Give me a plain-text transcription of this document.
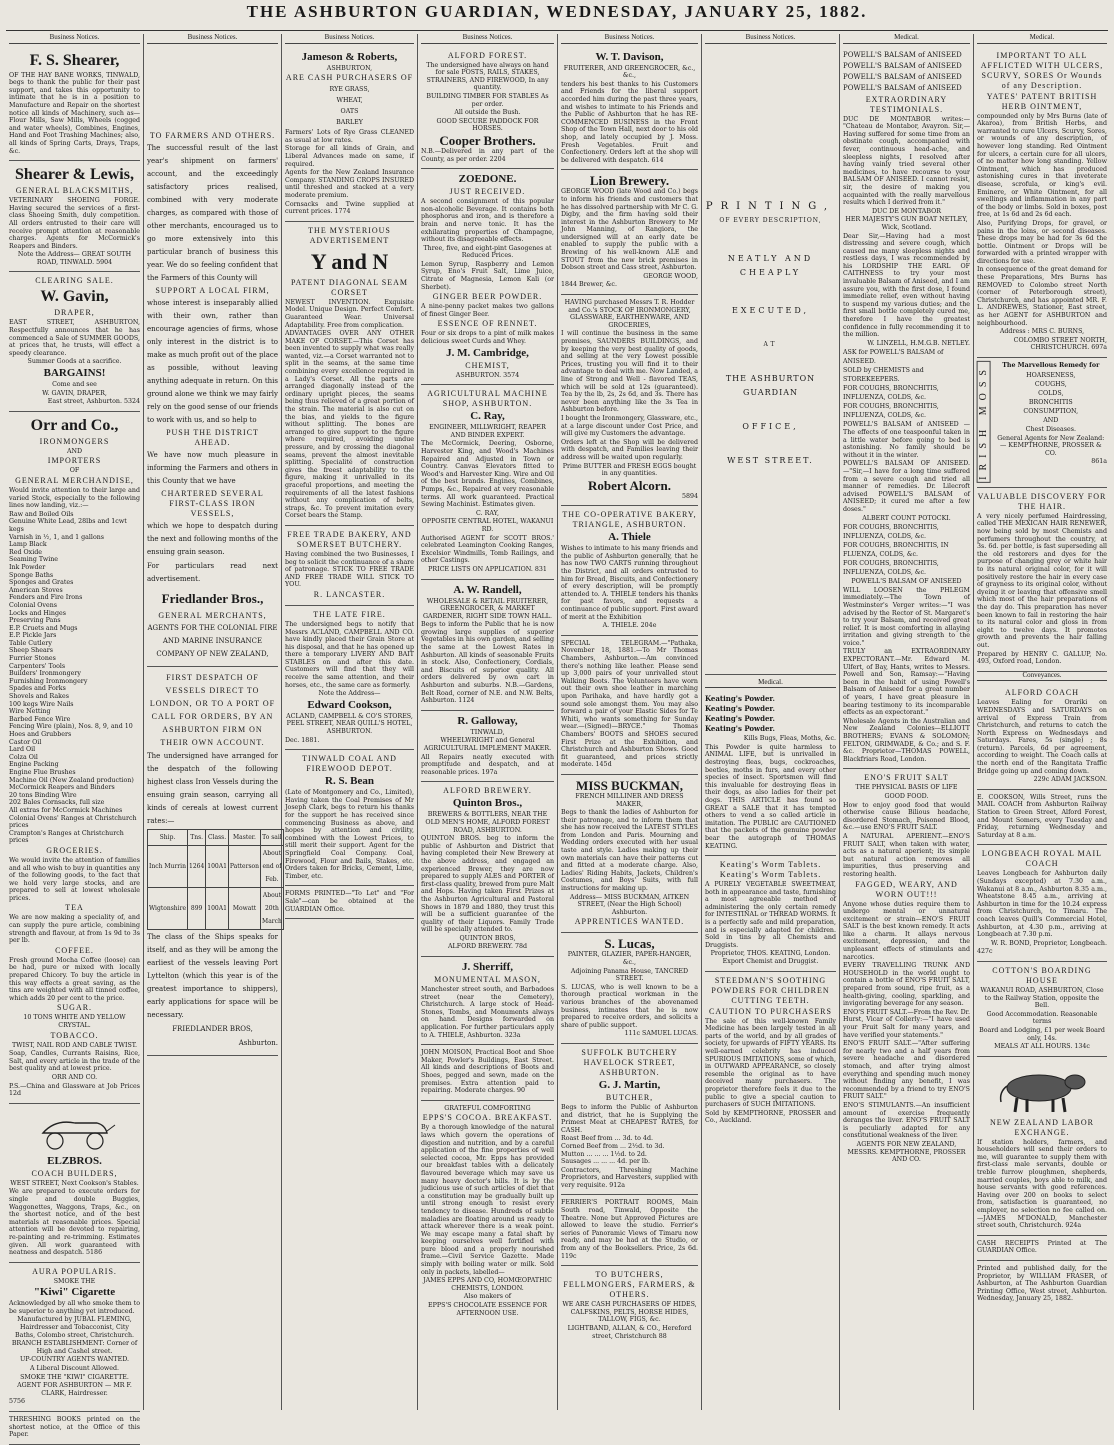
THE ASHBURTON GUARDIAN, WEDNESDAY, JANUARY 25, 1882.
Business Notices.
F. S. Shearer,

OF THE HAY BANE WORKS, TINWALD, begs to thank the public for their past support, and takes this opportunity to intimate that he is in a position to Manufacture and Repair on the shortest notice all kinds of Machinery, such as—Flour Mills, Saw Mills, Wheels (cogged and water wheels), Combines, Engines, Hand and Foot Trashing Machines; also, all kinds of Spring Carts, Drays, Traps, &c.

Shearer & Lewis,
GENERAL BLACKSMITHS,

VETERINARY SHOEING FORGE. Having secured the services of a first-class Shoeing Smith, duly competition. All orders entrusted to their care will receive prompt attention at reasonable charges. Agents for McCormick's Reapers and Binders.

Note the Address— GREAT SOUTH ROAD, TINWALD. 5904

CLEARING SALE.
W. Gavin,
DRAPER,

EAST STREET, ASHBURTON, Respectfully announces that he has commenced a Sale of SUMMER GOODS, at prices that, he trusts, will effect a speedy clearance.

Summer Goods at a sacrifice.

BARGAINS!

Come and see

W. GAVIN, DRAPER,

East street, Ashburton. 5324

Orr and Co.,
IRONMONGERS

AND

IMPORTERS

OF

GENERAL MERCHANDISE,

Would invite attention to their large and varied Stock, especially to the following lines now landing, viz.:—

Raw and Boiled Oils
Genuine White Lead, 28lbs and 1cwt kegs
Varnish in ½, 1, and 1 gallons
Lamp Black
Red Oxide
Seaming Twine
Ink Powder
Sponge Baths
Sponges and Grates
American Stoves
Fenders and Fire Irons
Colonial Ovens
Locks and Hinges
Preserving Pans
E.P. Cruets and Mugs
E.P. Pickle Jars
Table Cutlery
Sheep Shears
Furrier Stones
Carpenters' Tools
Builders' Ironmongery
Furnishing Ironmongery
Spades and Forks
Shovels and Rakes
100 kegs Wire Nails
Wire Netting
Barbed Fence Wire
Fencing Wire (plain), Nos. 8, 9, and 10
Hoes and Grubbers
Castor Oil
Lard Oil
Colza Oil
Engine Packing
Engine Flue Brushes
Machine Oil (New Zealand production)
McCormick Reapers and Binders
20 tons Binding Wire
202 Bales Cornsacks, full size
All extras for McCormick Machines
Colonial Ovens' Ranges at Christchurch prices
Crampton's Ranges at Christchurch prices
GROCERIES.

We would invite the attention of families and all who wish to buy in quantities any of the following goods, to the fact that we hold very large stocks, and are prepared to sell at lowest wholesale prices.

TEA

We are now making a speciality of, and can supply the pure article, combining strength and flavour, at from 1s 9d to 3s per lb.

COFFEE.

Fresh ground Mocha Coffee (loose) can be had, pure or mixed with locally prepared Chicory. To buy the article in this way effects a great saving, as the tins are weighted with all tinned coffee, which adds 20 per cent to the price.

SUGAR.

10 TONS WHITE AND YELLOW CRYSTAL.

TOBACCO.

TWIST, NAIL ROD AND CABLE TWIST.

Soap, Candles, Currants Raisins, Rice, Salt, and every article in the trade of the best quality and at lowest price.

ORR AND CO.

P.S.—China and Glassware at Job Prices 12d

ELZBROS.
COACH BUILDERS,

WEST STREET, Next Cookson's Stables.

We are prepared to execute orders for single and double Buggies, Waggonettes, Waggons, Traps, &c., on the shortest notice, and of the best materials at reasonable prices. Special attention will be devoted to repairing, re-painting and re-trimming. Estimates given. All work guaranteed with neatness and despatch. 5186

AURA POPULARIS.

SMOKE THE

"Kiwi" Cigarette

Acknowledged by all who smoke them to be superior to anything yet introduced.

Manufactured by JUBAL FLEMING, Hairdresser and Tobacconist, City Baths, Colombo street, Christchurch.

BRANCH ESTABLISHMENT: Corner of High and Cashel street.

UP-COUNTRY AGENTS WANTED.

A Liberal Discount Allowed.

SMOKE THE "KIWI" CIGARETTE.

AGENT FOR ASHBURTON — MR F. CLARK, Hairdresser.

5756

THRESHING BOOKS printed on the shortest notice, at the Office of this Paper.

Business Notices.
TO FARMERS AND OTHERS.

The successful result of the last year's shipment on farmers' account, and the exceedingly satisfactory prices realised, combined with very moderate charges, as compared with those of other merchants, encouraged us to go more extensively into this particular branch of business this year. We do so feeling confident that the Farmers of this County will

SUPPORT A LOCAL FIRM,

whose interest is inseparably allied with their own, rather than encourage agencies of firms, whose only interest in the district is to make as much profit out of the place as possible, without leaving anything adequate in return. On this ground alone we think we may fairly rely on the good sense of our friends to work with us, and so help to

PUSH THE DISTRICT AHEAD.

We have now much pleasure in informing the Farmers and others in this County that we have

CHARTERED SEVERAL FIRST-CLASS IRON VESSELS,

which we hope to despatch during the next and following months of the ensuing grain season.

For particulars read next advertisement.

Friedlander Bros.,
GENERAL MERCHANTS,

AGENTS FOR THE COLONIAL FIRE AND MARINE INSURANCE COMPANY OF NEW ZEALAND,

FIRST DESPATCH OF VESSELS DIRECT TO LONDON, OR TO A PORT OF CALL FOR ORDERS, BY AN ASHBURTON FIRM ON THEIR OWN ACCOUNT.

The undersigned have arranged for the despatch of the following highest class Iron Vessels during the ensuing grain season, carrying all kinds of cereals at lowest current rates:—

Ship.	Tns.	Class.	Master.	To sail
Inch Murrin	1264	100A1	Patterson	About end of Feb.
Wigtonshire	899	100A1	Mowatt	About 20th March

The class of the Ships speaks for itself, and as they will be among the earliest of the vessels leaving Port Lyttelton (which this year is of the greatest importance to shippers), early applications for space will be necessary.

FRIEDLANDER BROS,

Ashburton.

Business Notices.
Jameson & Roberts,

ASHBURTON,

ARE CASH PURCHASERS OF
RYE GRASS,
WHEAT,
OATS
BARLEY

Farmers' Lots of Rye Grass CLEANED as usual at low rates.

Storage for all kinds of Grain, and Liberal Advances made on same, if required.

Agents for the New Zealand Insurance Company. STANDING CROPS INSURED until threshed and stacked at a very moderate premium.

Cornsacks and Twine supplied at current prices. 1774

THE MYSTERIOUS ADVERTISEMENT
Y and N
PATENT DIAGONAL SEAM CORSET

NEWEST INVENTION. Exquisite Model. Unique Design. Perfect Comfort. Guaranteed Wear. Universal Adaptability. Free from complication.

ADVANTAGES OVER ANY OTHER MAKE OF CORSET.—This Corset has been invented to supply what was really wanted, viz.—a Corset warranted not to split in the seams, at the same time combining every excellence required in a Lady's Corset. All the parts are arranged diagonally instead of the ordinary upright pieces, the seams being thus relieved of a great portion of the strain. The material is also cut on the bias, and yields to the figure without splitting. The bones are arranged to give support to the figure where required, avoiding undue pressure, and by crossing the diagonal seams, prevent the almost inevitable splitting. Specialité of construction gives the freest adaptability to the figure, making it unrivalled in its graceful proportions, and meeting the requirements of all the latest fashions without any complication of belts, straps, &c. To prevent imitation every Corset bears the Stamp.

FREE TRADE BAKERY, AND SOMERSET BUTCHERY.

Having combined the two Businesses, I beg to solicit the continuance of a share of patronage. STICK TO FREE TRADE AND FREE TRADE WILL STICK TO YOU.

R. LANCASTER.
THE LATE FIRE.

The undersigned begs to notify that Messrs ACLAND, CAMPBELL AND CO. have kindly placed their Grain Store at his disposal, and that he has opened up there a temporary LIVERY AND BAIT STABLES on and after this date. Customers will find that they will receive the same attention, and their horses, etc., the same care as formerly.

Note the Address—

Edward Cookson,

ACLAND, CAMPBELL & CO'S STORES, PEEL STREET, NEAR QUILL'S HOTEL, ASHBURTON.

Dec. 1881.

TINWALD COAL AND FIREWOOD DEPOT.
R. S. Bean

(Late of Montgomery and Co., Limited), Having taken the Coal Premises of Mr Joseph Clark, begs to return his thanks for the support he has received since commencing Business as above, and hopes by attention and civility, combined with the Lowest Prices, to still merit their support. Agent for the Springfield Coal Company. Coal, Firewood, Flour and Bails, Stakes, etc. Orders taken for Bricks, Cement, Lime, Timber, etc.

FORMS PRINTED—"To Let" and "For Sale"—can be obtained at the GUARDIAN Office.

Business Notices.
ALFORD FOREST.

The undersigned have always on hand for sale POSTS, RAILS, STAKES, STRAINERS, AND FIREWOOD, In any quantity.

BUILDING TIMBER FOR STABLES As per order.

All outside the Bush.

GOOD SECURE PADDOCK FOR HORSES.

Cooper Brothers.

N.B.—Delivered in any part of the County, as per order. 2204

ZOEDONE.
JUST RECEIVED.

A second consignment of this popular non-alcoholic Beverage. It contains both phosphorus and iron, and is therefore a brain and nerve tonic. It has the exhilarating properties of Champagne, without its disagreeable effects.

Three, five, and eight-pint Gasogenes at Reduced Prices.

Lemon Syrup, Raspberry and Lemon Syrup, Eno's Fruit Salt, Lime Juice, Citrate of Magnesia, Lemon Kali (or Sherbet).

GINGER BEER POWDER.

A nine-penny packet makes two gallons of finest Ginger Beer.

ESSENCE OF RENNET.

Four or six drops to a pint of milk makes delicious sweet Curds and Whey.

J. M. Cambridge,
CHEMIST,

ASHBURTON. 3574

AGRICULTURAL MACHINE SHOP, ASHBURTON.
C. Ray,

ENGINEER, MILLWRIGHT, REAPER AND BINDER EXPERT.

The McCormick, Deering, Osborne, Harvester King, and Wood's Machines Repaired and Adjusted in Town or Country. Canvas Elevators fitted to Wood's and Harvester King. Wire and Oil of the best brands. Engines, Combines, Pumps, &c., Repaired at very reasonable terms. All work guaranteed. Practical Sewing Machinist. Estimates given.

C. RAY,

OPPOSITE CENTRAL HOTEL, WAKANUI RD.

Authorised AGENT for SCOTT BROS.' celebrated Leamington Cooking Ranges, Excelsior Windmills, Tomb Railings, and other Castings.

PRICE LISTS ON APPLICATION. 831

A. W. Randell,

WHOLESALE & RETAIL FRUITERER, GREENGROCER, & MARKET GARDENER, RIGHT SIDE TOWN HALL.

Begs to inform the Public that he is now growing large supplies of superior Vegetables in his own garden, and selling the same at the Lowest Rates in Ashburton. All kinds of seasonable Fruits in stock. Also, Confectionery, Cordials, and Biscuits of superior quality. All orders delivered by own cart in Ashburton and suburbs. N.B.—Gardens, Belt Road, corner of N.E. and N.W. Belts, Ashburton. 1124

R. Galloway,

TINWALD,

WHEELWRIGHT and General AGRICULTURAL IMPLEMENT MAKER.

All Repairs neatly executed with promptitude and despatch, and at reasonable prices. 197a

ALFORD BREWERY.
Quinton Bros.,

BREWERS & BOTTLERS, NEAR THE OLD MEN'S HOME, ALFORD FOREST ROAD, ASHBURTON.

QUINTON BROS. beg to inform the public of Ashburton and District that having completed their New Brewery at the above address, and engaged an experienced Brewer, they are now prepared to supply ALES and PORTER of first-class quality, brewed from pure Malt and Hops. Having taken First Prizes at the Ashburton Agricultural and Pastoral Shows in 1879 and 1880, they trust this will be a sufficient guarantee of the quality of their Liquors. Family Trade will be specially attended to.

QUINTON BROS,

ALFORD BREWERY. 78d

J. Sherriff,
MONUMENTAL MASON,

Manchester street south, and Barbadoes street (near the Cemetery), Christchurch. A large stock of Head-Stones, Tombs, and Monuments always on hand. Designs forwarded on application. For further particulars apply to A. THIELE, Ashburton. 323a

JOHN MOISON, Practical Boot and Shoe Maker, Powler's Buildings, East Street. All kinds and descriptions of Boots and Shoes, pegged and sewn, made on the premises. Extra attention paid to repairing. Moderate charges. 90

GRATEFUL COMFORTING

EPPS'S COCOA. BREAKFAST.

By a thorough knowledge of the natural laws which govern the operations of digestion and nutrition, and by a careful application of the fine properties of well selected cocoa, Mr. Epps has provided our breakfast tables with a delicately flavoured beverage which may save us many heavy doctor's bills. It is by the judicious use of such articles of diet that a constitution may be gradually built up until strong enough to resist every tendency to disease. Hundreds of subtle maladies are floating around us ready to attack wherever there is a weak point. We may escape many a fatal shaft by keeping ourselves well fortified with pure blood and a properly nourished frame.—Civil Service Gazette. Made simply with boiling water or milk. Sold only in packets, labelled—

JAMES EPPS AND CO, HOMŒOPATHIC CHEMISTS, LONDON.

Also makers of

EPPS'S CHOCOLATE ESSENCE FOR AFTERNOON USE.

Business Notices.
W. T. Davison,

FRUITERER, AND GREENGROCER, &c., &c.,

tenders his best thanks to his Customers and Friends for the liberal support accorded him during the past three years, and wishes to intimate to his Friends and the Public of Ashburton that he has RE-COMMENCED BUSINESS in the Front Shop of the Town Hall, next door to his old shop, and lately occupied by J. Moss. Fresh Vegetables. Fruit and Confectionery. Orders left at the shop will be delivered with despatch. 614

Lion Brewery.

GEORGE WOOD (late Wood and Co.) begs to inform his friends and customers that he has dissolved partnership with Mr C. G. Digby, and the firm having sold their interest in the Ashburton Brewery to Mr John Manning, of Rangiora, the undersigned will at an early date be enabled to supply the public with a Brewing of his well-known ALE and STOUT from the new brick premises in Dobson street and Cass street, Ashburton.

GEORGE WOOD,

1844 Brewer, &c.

HAVING purchased Messrs T. R. Hodder and Co.'s STOCK OF IRONMONGERY, GLASSWARE, EARTHENWARE, AND GROCERIES,

I will continue the business in the same premises, SAUNDERS BUILDINGS, and by keeping the very best quality of goods, and selling at the very Lowest possible Prices, trusting you will find it to their advantage to deal with me. Now Landed, a line of Strong and Well - flavored TEAS, which will be sold at 12s (guaranteed). Tea by the lb, 2s, 2s 6d, and 3s. There has never been anything like the 3s Tea in Ashburton before.

I bought the Ironmongery, Glassware, etc., at a large discount under Cost Price, and will give my Customers the advantage.

Orders left at the Shop will be delivered with despatch, and Families leaving their address will be waited upon regularly.

Prime BUTTER and FRESH EGGS bought in any quantities.

Robert Alcorn.

5894

THE CO-OPERATIVE BAKERY, TRIANGLE, ASHBURTON.
A. Thiele

Wishes to intimate to his many friends and the public of Ashburton generally, that he has now TWO CARTS running throughout the District, and all orders entrusted to him for Bread, Biscuits, and Confectionery of every description, will be promptly attended to. A. THIELE tenders his thanks for past favors, and requests a continuance of public support. First award of merit at the Exhibition

A. THIELE. 204e

SPECIAL TELEGRAM.—"Pathaka, November 18, 1881.—To Mr Thomas Chambers, Ashburton.—Am convinced there's nothing like leather. Please send up 3,000 pairs of your unrivalled stout Walking Boots. The Volunteers have worn out their own shoe leather in marching upon Parihaka, and have hardly got a sound sole amongst them. You may also forward a pair of your Elastic Sides for Te Whiti, who wants something for Sunday wear.—(Signed)—BRYCE." Thomas Chambers' BOOTS and SHOES secured First Prize at the Exhibition, and Christchurch and Ashburton Shows. Good fit guaranteed, and prices strictly moderate. 145d

MISS BUCKMAN,

FRENCH MILLINER AND DRESS MAKER,

Begs to thank the ladies of Ashburton for their patronage, and to inform them that she has now received the LATEST STYLES from London and Paris. Mourning and Wedding orders executed with her usual taste and style. Ladies making up their own materials can have their patterns cut and fitted at a moderate charge. Also, Ladies' Riding Habits, Jackets, Children's Costumes, and Boys' Suits, with full instructions for making up.

Address— MISS BUCKMAN, AITKEN STREET, (Near the High School) Ashburton.

APPRENTICES WANTED.
S. Lucas,

PAINTER, GLAZIER, PAPER-HANGER, &c.,

Adjoining Panama House, TANCRED STREET.

S. LUCAS, who is well known to be a thorough practical workman in the various branches of the abovenamed business, intimates that he is now prepared to receive orders, and solicits a share of public support.

111c SAMUEL LUCAS.

SUFFOLK BUTCHERY HAVELOCK STREET, ASHBURTON.
G. J. Martin,
BUTCHER,

Begs to inform the Public of Ashburton and district, that he is Supplying the Primest Meat at CHEAPEST RATES, for CASH.

Roast Beef from ... 3d. to 4d.
Corned Beef from ... 2½d. to 3d.
Mutton ... ... ... 1½d. to 2d.
Sausages ... ... ... 4d. per lb.

Contractors, Threshing Machine Proprietors, and Harvesters, supplied with very requisite. 912a

FERRIER'S PORTRAIT ROOMS, Main South road, Tinwald, Opposite the Theatre. None but Approved Pictures are allowed to leave the studio. Ferrier's series of Panoramic Views of Timaru now ready, and may be had at the Studio, or from any of the Booksellers. Price, 2s 6d. 119c

TO BUTCHERS, FELLMONGERS, FARMERS, & OTHERS.

WE ARE CASH PURCHASERS OF HIDES, CALFSKINS, PELTS, HORSE HIDES, TALLOW, FIGS, &c.

LIGHTBAND, ALLAN, & CO., Hereford street, Christchurch 88

Business Notices.
PRINTING,
OF EVERY DESCRIPTION,
NEATLY AND CHEAPLY
EXECUTED,
AT
THE ASHBURTON GUARDIAN
OFFICE,
WEST STREET.
Medical.
Keating's Powder.
Keating's Powder.
Keating's Powder.
Keating's Powder.

Kills Bugs, Fleas, Moths, &c.

This Powder is quite harmless to ANIMAL LIFE, but is unrivalled in destroying fleas, bugs, cockroaches, beetles, moths in furs, and every other species of insect. Sportsmen will find this invaluable for destroying fleas in their dogs, as also ladies for their pet dogs. THIS ARTICLE has found so GREAT a SALE that it has tempted others to vend a so called article in imitation. The PUBLIC are CAUTIONED that the packets of the genuine powder bear the autograph of THOMAS KEATING.

Keating's Worm Tablets. Keating's Worm Tablets.

A PURELY VEGETABLE SWEETMEAT, both in appearance and taste, furnishing a most agreeable method of administering the only certain remedy for INTESTINAL or THREAD WORMS. It is a perfectly safe and mild preparation, and is especially adapted for children. Sold in tins by all Chemists and Druggists.

Proprietor, THOS. KEATING, London. Export Chemist and Druggist.

STEEDMAN'S SOOTHING POWDERS FOR CHILDREN CUTTING TEETH.
CAUTION TO PURCHASERS

The sale of this well-known Family Medicine has been largely tested in all parts of the world, and by all grades of society, for upwards of FIFTY YEARS. Its well-earned celebrity has induced SPURIOUS IMITATIONS, some of which, in OUTWARD APPEARANCE, so closely resemble the original as to have deceived many purchasers. The proprietor therefore feels it due to the public to give a special caution to purchasers of SUCH IMITATIONS.

Sold by KEMPTHORNE, PROSSER and Co., Auckland.

Medical.
POWELL'S BALSAM of ANISEED
POWELL'S BALSAM of ANISEED
POWELL'S BALSAM of ANISEED
POWELL'S BALSAM of ANISEED
EXTRAORDINARY TESTIMONIALS.

DUC DE MONTABOR writes:— "Chateau de Montabor, Avayron. Sir,—Having suffered for some time from an obstinate cough, accompanied with fever, continuous head-ache, and sleepless nights, I resolved after having vainly tried several other medicines, to have recourse to your BALSAM OF ANISEED. I cannot resist, sir, the desire of making you acquainted with the really marvellous results which I derived from it."

DUC DE MONTABOR

HER MAJESTY'S GUN BOAT NETLEY, Wick, Scotland.

Dear Sir,—Having had a most distressing and severe cough, which caused me many sleepless nights and restless days, I was recommended by his LORDSHIP THE EARL OF CAITHNESS to try your most invaluable Balsam of Aniseed, and I am assure you, with the first dose, I found immediate relief, even without having to suspend my various duties; and the first small bottle completely cured me, therefore I have the greatest confidence in fully recommending it to the million.

W. LINZELL, H.M.G.B. NETLEY.

ASK for POWELL'S BALSAM of ANISEED.
SOLD by CHEMISTS and STOREKEEPERS.
FOR COUGHS, BRONCHITIS, INFLUENZA, COLDS, &c.
FOR COUGHS, BRONCHITIS, INFLUENZA, COLDS, &c.

POWELL'S BALSAM of ANISEED — The effects of one teaspoonful taken in a little water before going to bed is astonishing. No family should be without it in the winter.

POWELL'S BALSAM OF ANISEED.—"Sir,—I have for a long time suffered from a severe cough and tried all manner of remedies. Dr. Lilecroft advised POWELL'S BALSAM of ANISEED; it cured me after a few doses."

ALBERT COUNT POTOCKI.

FOR COUGHS, BRONCHITIS, INFLUENZA, COLDS, &c.
FOR COUGHS, BRONCHITIS, IN FLUENZA, COLDS, &c.
FOR COUGHS, BRONCHITIS, INFLUENZA, COLDS, &c.

POWELL'S BALSAM OF ANISEED

WILL LOOSEN the PHLEGM immediately.—The Town of Westminster's Verger writes:—"I was advised by the Rector of St. Margaret's to try your Balsam, and received great relief. It is most comforting in allaying irritation and giving strength to the voice."

TRULY an EXTRAORDINARY EXPECTORANT.—Mr. Edward M. Ulfert, of Bay, Hants, writes to Messrs. Powell and Son, Ramsay:—"Having been in the habit of using Powell's Balsam of Aniseed for a great number of years, I have great pleasure in bearing testimony to its incomparable effects as an expectorant."

Wholesale Agents in the Australian and New Zealand Colonies—ELLIOTT BROTHERS; EVANS & SOLOMON; FELTON, GRIMWADE, & Co.; and S. F. &c. Proprietor—THOMAS POWELL, Blackfriars Road, London.

ENO'S FRUIT SALT

THE PHYSICAL BASIS OF LIFE

GOOD FOOD.

How to enjoy good food that would otherwise cause Bilious headache, disordered Stomach, Poisoned Blood, &c.—use ENO'S FRUIT SALT.

A NATURAL APERIENT.—ENO'S FRUIT SALT, when taken with water, acts as a natural aperient; its simple but natural action removes all impurities, thus preserving and restoring health.

FAGGED, WEARY, AND WORN OUT!!!

Anyone whose duties require them to undergo mental or unnatural excitement or strain—ENO'S FRUIT SALT is the best known remedy. It acts like a charm. It allays nervous excitement, depression, and the unpleasant effects of stimulants and narcotics.

EVERY TRAVELLING TRUNK AND HOUSEHOLD in the world ought to contain a bottle of ENO'S FRUIT SALT, prepared from sound, ripe fruit, as a health-giving, cooling, sparkling, and invigorating beverage for any season.

ENO'S FRUIT SALT.—From the Rev. Dr. Hurst, Vicar of Collerly:—"I have used your Fruit Salt for many years, and have verified your statements."

ENO'S FRUIT SALT.—"After suffering for nearly two and a half years from severe headache and disordered stomach, and after trying almost everything and spending much money without finding any benefit, I was recommended by a friend to try ENO'S FRUIT SALT."

ENO'S STIMULANTS.—An insufficient amount of exercise frequently deranges the liver. ENO'S FRUIT SALT is peculiarly adapted for any constitutional weakness of the liver.

AGENTS FOR NEW ZEALAND, MESSRS. KEMPTHORNE, PROSSER AND CO.

Medical.
IMPORTANT TO ALL AFFLICTED WITH ULCERS, SCURVY, SORES Or Wounds of any Description.
YATES' PATENT BRITISH HERB OINTMENT,

compounded only by Mrs Burns (late of Akaroa), from British Herbs, and warranted to cure Ulcers, Scurvy, Sores, or wounds of any description, of however long standing. Red Ointment for ulcers, a certain cure for all ulcers, of no matter how long standing. Yellow Ointment, which has produced astonishing cures in that inveterate disease, scrofula, or king's evil. Eminere, or White Ointment, for all swellings and inflammation in any part of the body or limbs. Sold in boxes, post free, at 1s 6d and 2s 6d each.

Also, Purifying Drops, for gravel, or pains in the loins, or second diseases. These drops may be had for 3s 6d the bottle. Ointment or Drops will be forwarded with a printed wrapper with directions for use.

In consequence of the great demand for these Preparations, Mrs Burns has REMOVED to Colombo street North (corner of Peterborough street), Christchurch, and has appointed MR. F. L. ANDREWES, Stationer, East street, as her AGENT for ASHBURTON and neighbourhood.

Address : MRS C. BURNS,

COLOMBO STREET NORTH, CHRISTCHURCH. 697a

IRISH MOSS	The Marvellous Remedy for

HOARSENESS,
COUGHS,
COLDS,
BRONCHITIS
CONSUMPTION,
AND
Chest Diseases.

General Agents for New Zealand:— KEMPTHORNE, PROSSER & CO.

861a

VALUABLE DISCOVERY FOR THE HAIR.

A very nicely perfumed Hairdressing, called THE MEXICAN HAIR RENEWER, now being sold by most Chemists and perfumers throughout the country, at 3s. 6d. per bottle, is fast superseding all the old restorers and dyes for the purpose of changing grey or white hair to its natural original color, for it will positively restore the hair in every case of grayness to its original color, without dyeing it or leaving that offensive smell which most of the hair preparations of the day do. This preparation has never been known to fail in restoring the hair to its natural color and gloss in from eight to twelve days. It promotes growth and prevents the hair falling out.

Prepared by HENRY C. GALLUP, No. 493, Oxford road, London.

Conveyances.
ALFORD COACH

Leaves Ealing for Orariki on WEDNESDAYS and SATURDAYS on arrival of Express Train from Christchurch, and returns to catch the North Express on Wednesdays and Saturdays. Fares, 5s (single) ; 8s (return). Parcels, 6d per agreement, according to weight. The Coach calls at the north end of the Rangitata Traffic Bridge going up and coming down.

229c ADAM JACKSON.

E. COOKSON, Wills Street, runs the MAIL COACH from Ashburton Railway Station to Green Street, Alford Forest, and Mount Somers, every Tuesday and Friday, returning Wednesday and Saturday at 8 a.m.

LONGBEACH ROYAL MAIL COACH

Leaves Longbeach for Ashburton daily (Sundays excepted) at 7.30 a.m., Wakanui at 8 a.m., Ashburton 8.35 a.m., Wheatstone 8.45 a.m., arriving at Ashburton in time for the 10.24 express from Christchurch, to Timaru. The coach leaves Quill's Commercial Hotel, Ashburton, at 4.30 p.m., arriving at Longbeach at 7.30 p.m.

W. R. BOND, Proprietor, Longbeach.

427c

COTTON'S BOARDING HOUSE

WAKANUI ROAD, ASHBURTON, Close to the Railway Station, opposite the Bell.

Good Accommodation. Reasonable terms

Board and Lodging, £1 per week Board only, 14s.

MEALS AT ALL HOURS. 134c

NEW ZEALAND LABOR EXCHANGE.

If station holders, farmers, and householders will send their orders to me, will guarantee to supply them with first-class male servants, double or treble furrow ploughmen, shepherds, married couples, boys able to milk, and house servants with good references. Having over 200 on books to select from, satisfaction is guaranteed, no employer, no selection no fee called on.—JAMES M'DONALD, Manchester street south, Christchurch. 924a

CASH RECEIPTS Printed at The GUARDIAN Office.

Printed and published daily, for the Proprietor, by WILLIAM FRASER, of Ashburton, at The Ashburton Guardian Printing Office, West street, Ashburton. Wednesday, January 25, 1882.
